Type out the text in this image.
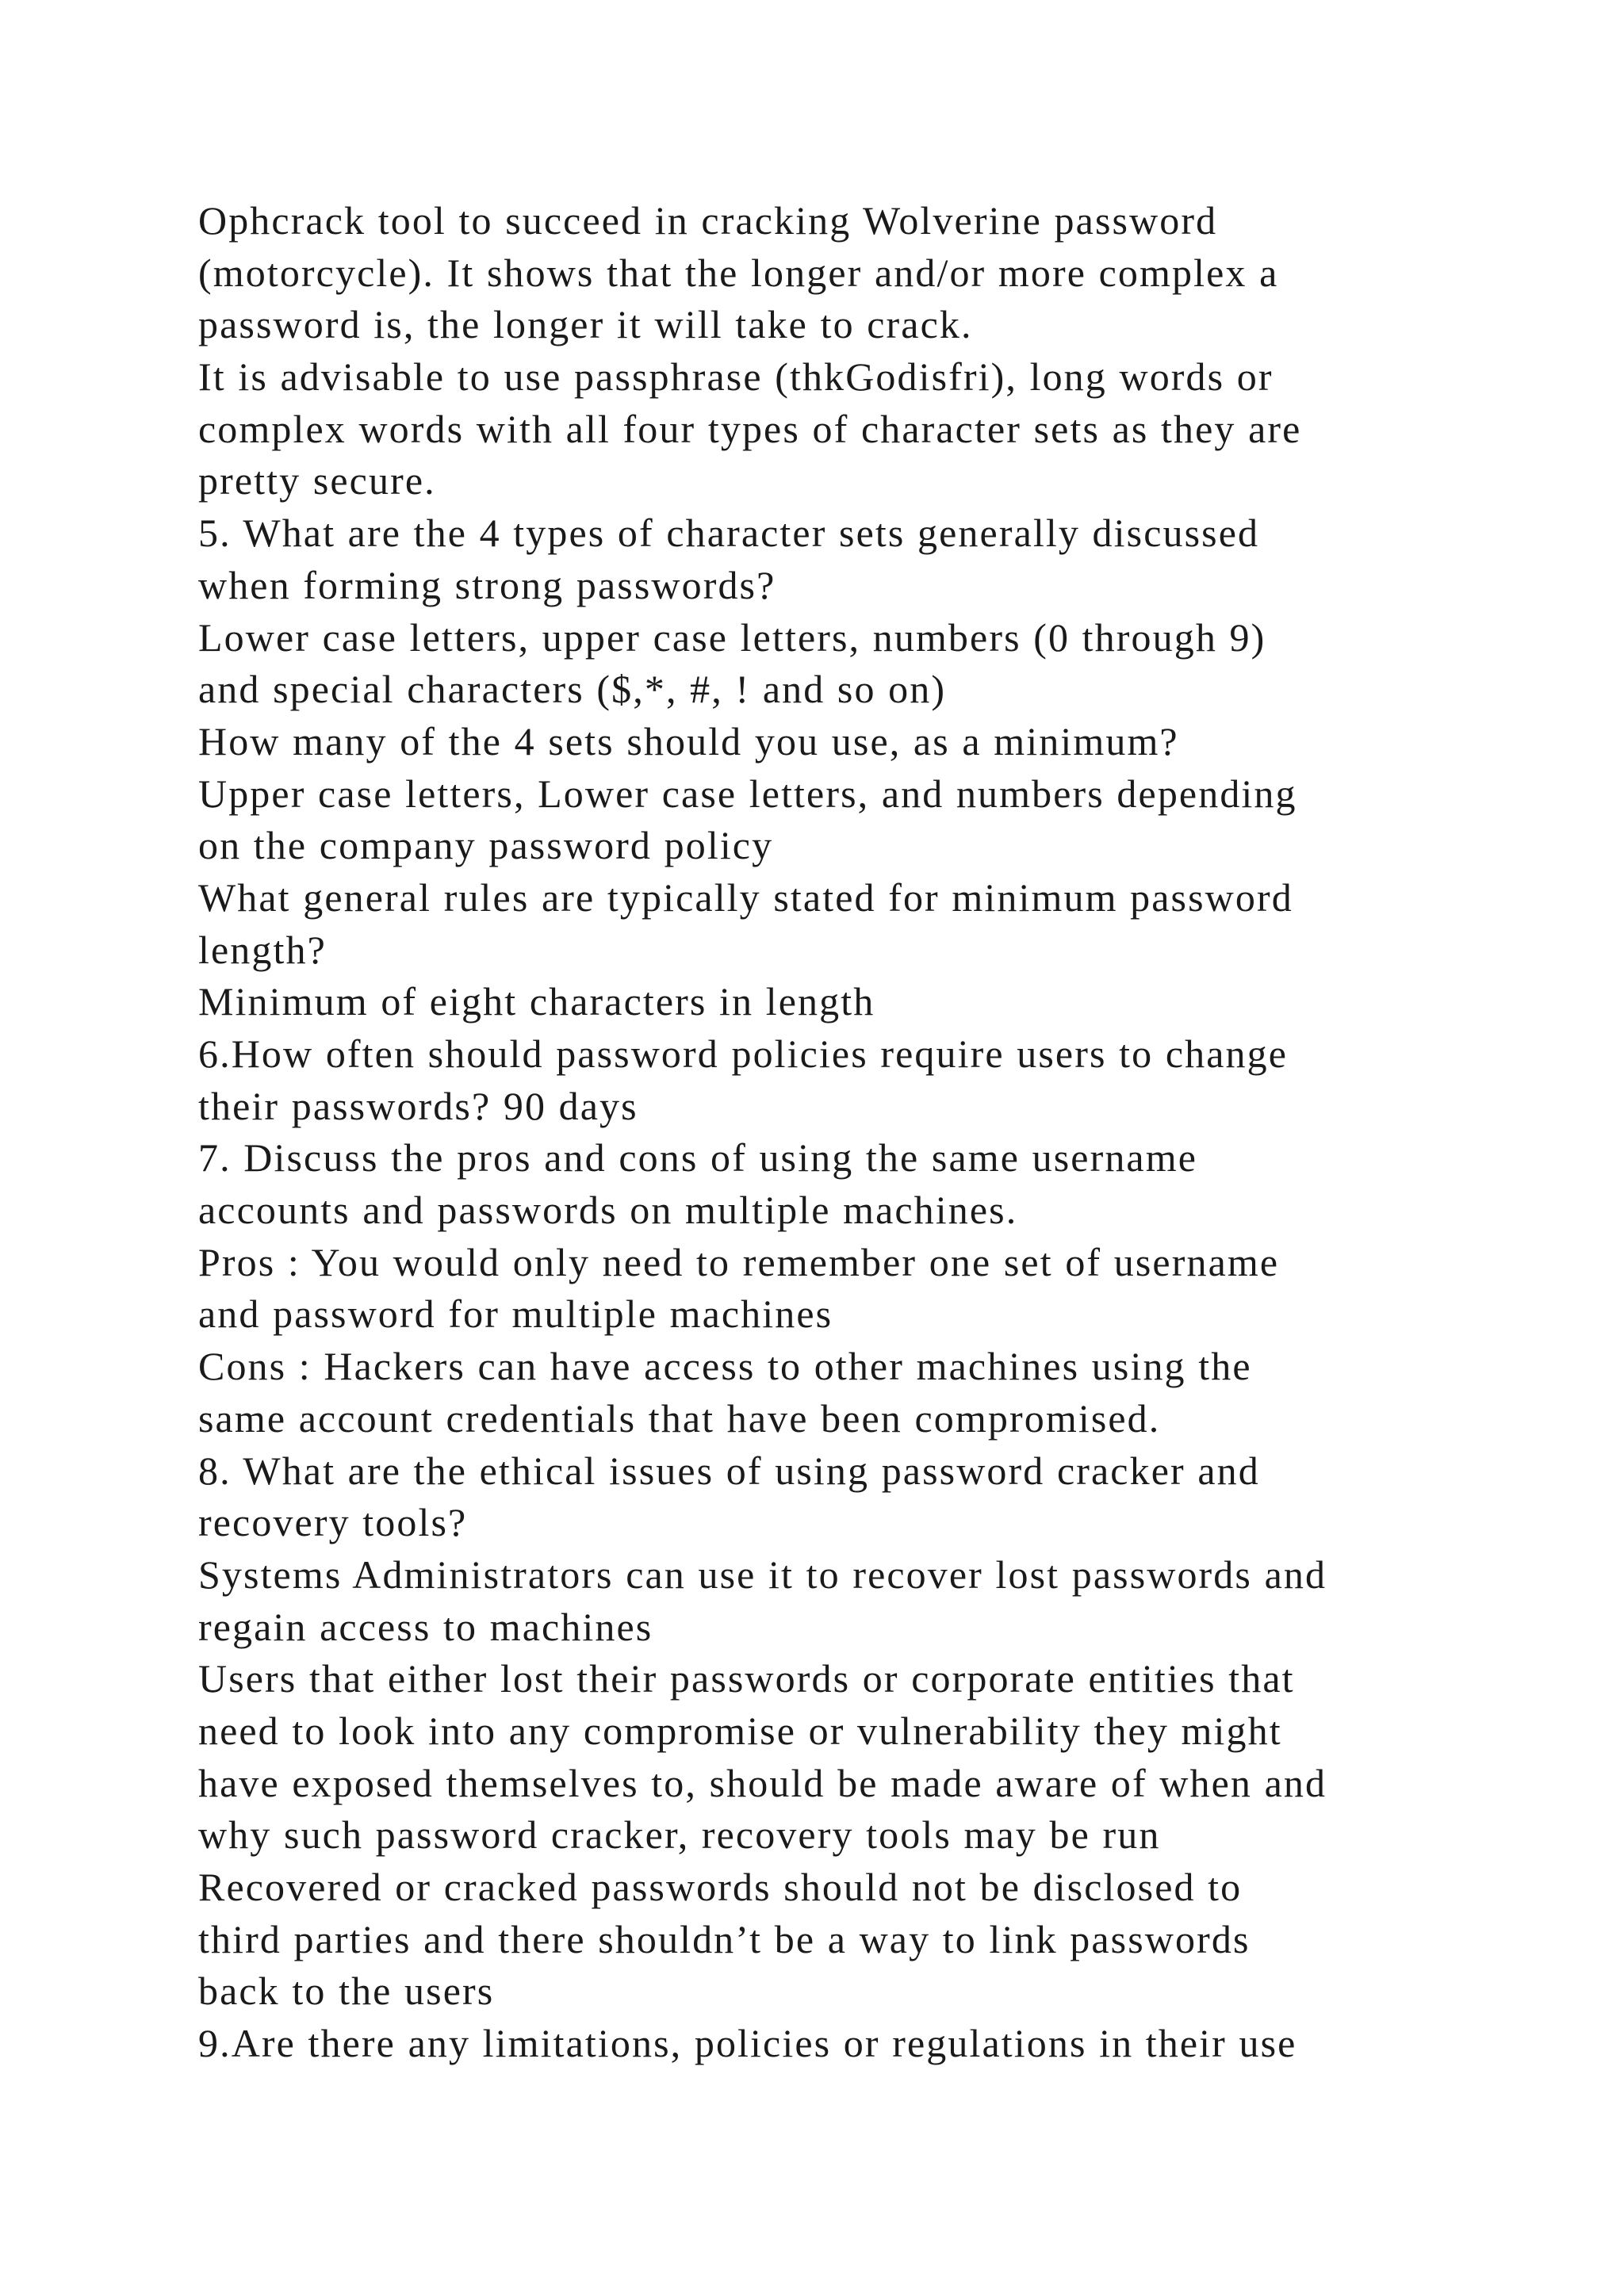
Ophcrack tool to succeed in cracking Wolverine password
(motorcycle). It shows that the longer and/or more complex a
password is, the longer it will take to crack.
It is advisable to use passphrase (thkGodisfri), long words or
complex words with all four types of character sets as they are
pretty secure.
5. What are the 4 types of character sets generally discussed
when forming strong passwords?
Lower case letters, upper case letters, numbers (0 through 9)
and special characters ($,*, #, ! and so on)
How many of the 4 sets should you use, as a minimum?
Upper case letters, Lower case letters, and numbers depending
on the company password policy
What general rules are typically stated for minimum password
length?
Minimum of eight characters in length
6.How often should password policies require users to change
their passwords? 90 days
7. Discuss the pros and cons of using the same username
accounts and passwords on multiple machines.
Pros : You would only need to remember one set of username
and password for multiple machines
Cons : Hackers can have access to other machines using the
same account credentials that have been compromised.
8. What are the ethical issues of using password cracker and
recovery tools?
Systems Administrators can use it to recover lost passwords and
regain access to machines
Users that either lost their passwords or corporate entities that
need to look into any compromise or vulnerability they might
have exposed themselves to, should be made aware of when and
why such password cracker, recovery tools may be run
Recovered or cracked passwords should not be disclosed to
third parties and there shouldn’t be a way to link passwords
back to the users
9.Are there any limitations, policies or regulations in their use
